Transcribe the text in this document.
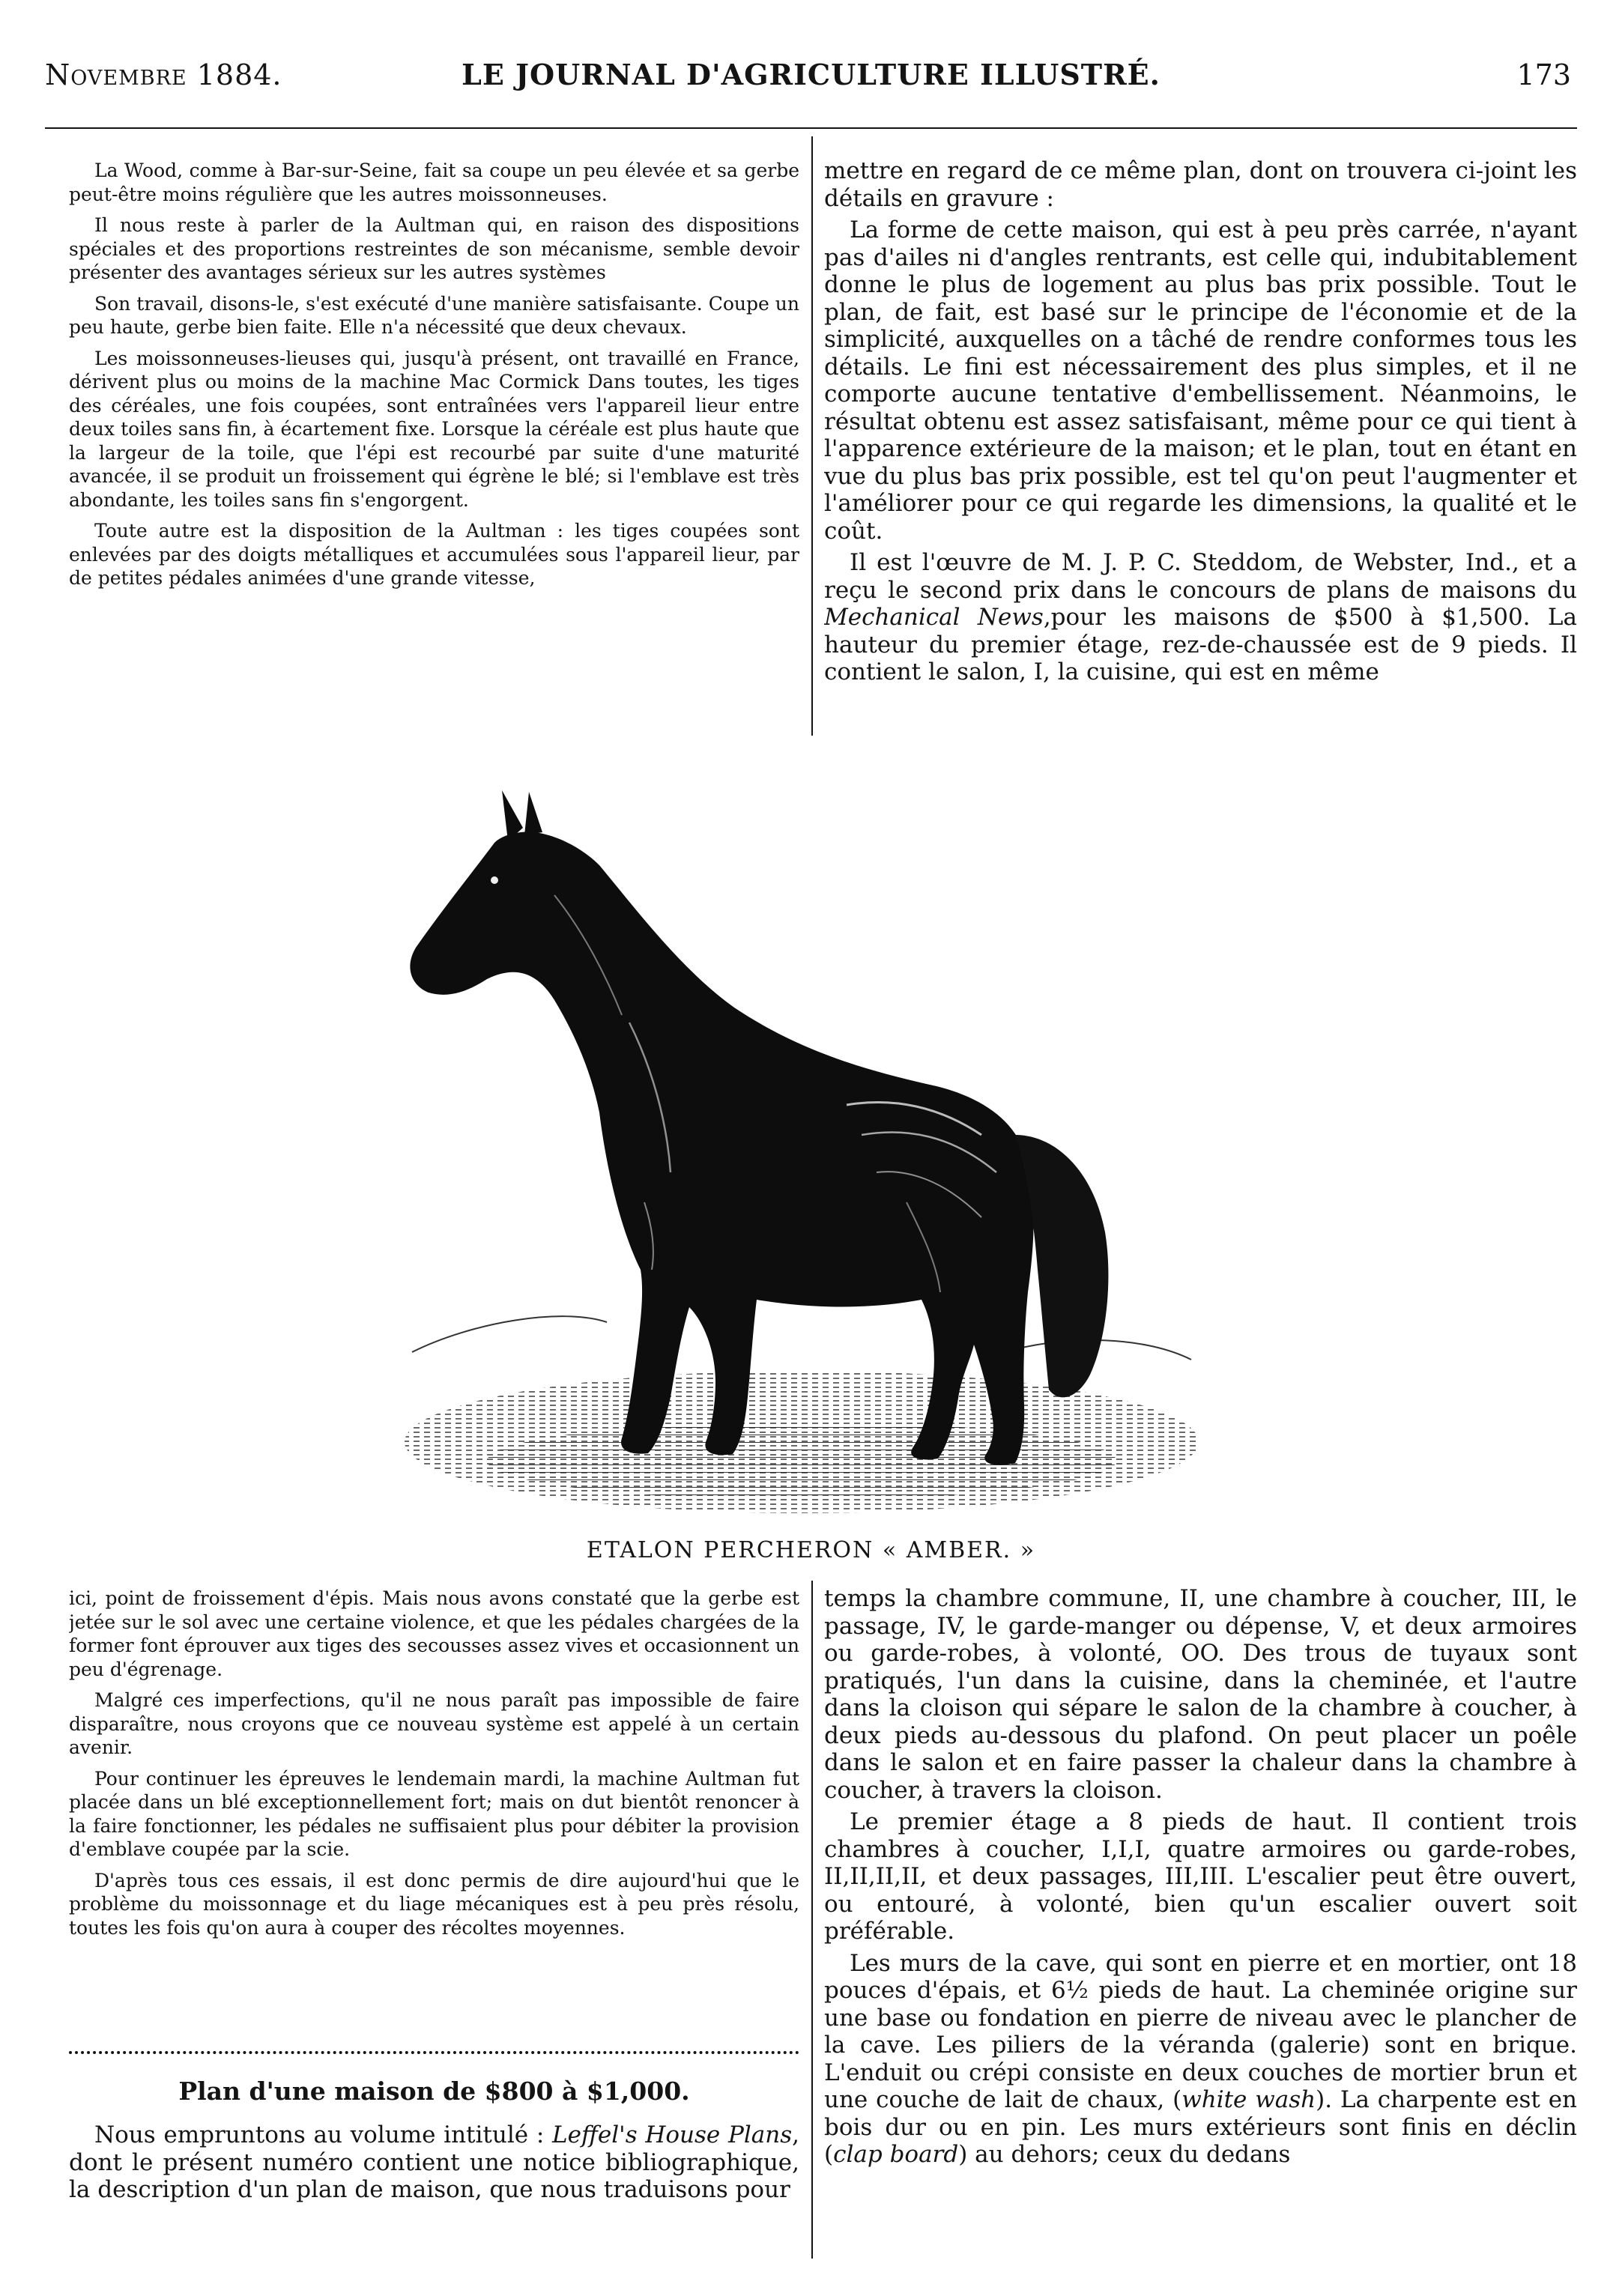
Novembre 1884.	LE JOURNAL D'AGRICULTURE ILLUSTRÉ.	173

La Wood, comme à Bar-sur-Seine, fait sa coupe un peu élevée et sa gerbe peut-être moins régulière que les autres moissonneuses.

Il nous reste à parler de la Aultman qui, en raison des dispositions spéciales et des proportions restreintes de son mécanisme, semble devoir présenter des avantages sérieux sur les autres systèmes

Son travail, disons-le, s'est exécuté d'une manière satisfaisante. Coupe un peu haute, gerbe bien faite. Elle n'a nécessité que deux chevaux.

Les moissonneuses-lieuses qui, jusqu'à présent, ont travaillé en France, dérivent plus ou moins de la machine Mac Cormick Dans toutes, les tiges des céréales, une fois coupées, sont entraînées vers l'appareil lieur entre deux toiles sans fin, à écartement fixe. Lorsque la céréale est plus haute que la largeur de la toile, que l'épi est recourbé par suite d'une maturité avancée, il se produit un froissement qui égrène le blé; si l'emblave est très abondante, les toiles sans fin s'engorgent.

Toute autre est la disposition de la Aultman : les tiges coupées sont enlevées par des doigts métalliques et accumulées sous l'appareil lieur, par de petites pédales animées d'une grande vitesse,

mettre en regard de ce même plan, dont on trouvera ci-joint les détails en gravure :

La forme de cette maison, qui est à peu près carrée, n'ayant pas d'ailes ni d'angles rentrants, est celle qui, indubitablement donne le plus de logement au plus bas prix possible. Tout le plan, de fait, est basé sur le principe de l'économie et de la simplicité, auxquelles on a tâché de rendre conformes tous les détails. Le fini est nécessairement des plus simples, et il ne comporte aucune tentative d'embellissement. Néanmoins, le résultat obtenu est assez satisfaisant, même pour ce qui tient à l'apparence extérieure de la maison; et le plan, tout en étant en vue du plus bas prix possible, est tel qu'on peut l'augmenter et l'améliorer pour ce qui regarde les dimensions, la qualité et le coût.

Il est l'œuvre de M. J. P. C. Steddom, de Webster, Ind., et a reçu le second prix dans le concours de plans de maisons du Mechanical News,pour les maisons de $500 à $1,500. La hauteur du premier étage, rez-de-chaussée est de 9 pieds. Il contient le salon, I, la cuisine, qui est en même

ETALON PERCHERON « AMBER. »

ici, point de froissement d'épis. Mais nous avons constaté que la gerbe est jetée sur le sol avec une certaine violence, et que les pédales chargées de la former font éprouver aux tiges des secousses assez vives et occasionnent un peu d'égrenage.

Malgré ces imperfections, qu'il ne nous paraît pas impossible de faire disparaître, nous croyons que ce nouveau système est appelé à un certain avenir.

Pour continuer les épreuves le lendemain mardi, la machine Aultman fut placée dans un blé exceptionnellement fort; mais on dut bientôt renoncer à la faire fonctionner, les pédales ne suffisaient plus pour débiter la provision d'emblave coupée par la scie.

D'après tous ces essais, il est donc permis de dire aujourd'hui que le problème du moissonnage et du liage mécaniques est à peu près résolu, toutes les fois qu'on aura à couper des récoltes moyennes.

Plan d'une maison de $800 à $1,000.

Nous empruntons au volume intitulé : Leffel's House Plans, dont le présent numéro contient une notice bibliographique, la description d'un plan de maison, que nous traduisons pour

temps la chambre commune, II, une chambre à coucher, III, le passage, IV, le garde-manger ou dépense, V, et deux armoires ou garde-robes, à volonté, OO. Des trous de tuyaux sont pratiqués, l'un dans la cuisine, dans la cheminée, et l'autre dans la cloison qui sépare le salon de la chambre à coucher, à deux pieds au-dessous du plafond. On peut placer un poêle dans le salon et en faire passer la chaleur dans la chambre à coucher, à travers la cloison.

Le premier étage a 8 pieds de haut. Il contient trois chambres à coucher, I,I,I, quatre armoires ou garde-robes, II,II,II,II, et deux passages, III,III. L'escalier peut être ouvert, ou entouré, à volonté, bien qu'un escalier ouvert soit préférable.

Les murs de la cave, qui sont en pierre et en mortier, ont 18 pouces d'épais, et 6½ pieds de haut. La cheminée origine sur une base ou fondation en pierre de niveau avec le plancher de la cave. Les piliers de la véranda (galerie) sont en brique. L'enduit ou crépi consiste en deux couches de mortier brun et une couche de lait de chaux, (white wash). La charpente est en bois dur ou en pin. Les murs extérieurs sont finis en déclin (clap board) au dehors; ceux du dedans
